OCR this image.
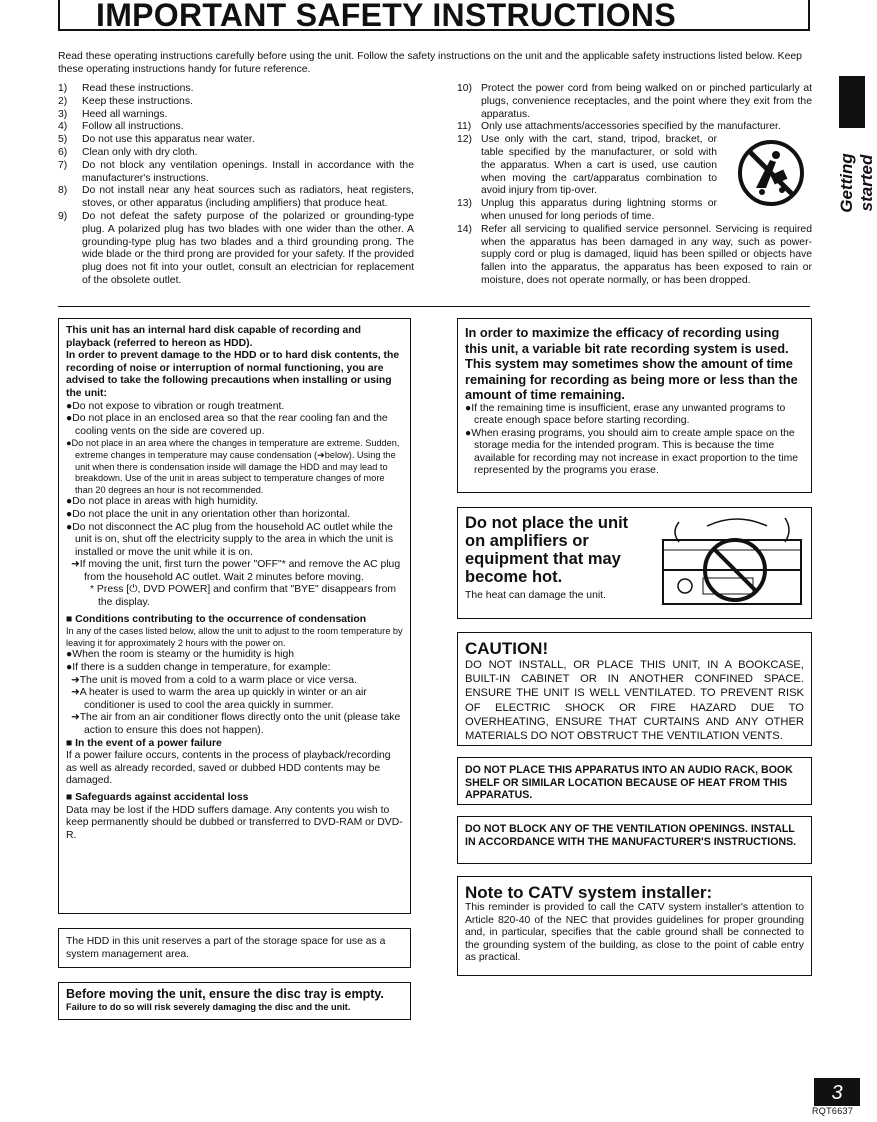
IMPORTANT SAFETY INSTRUCTIONS
Read these operating instructions carefully before using the unit. Follow the safety instructions on the unit and the applicable safety instructions listed below. Keep these operating instructions handy for future reference.
1)	Read these instructions.
2)	Keep these instructions.
3)	Heed all warnings.
4)	Follow all instructions.
5)	Do not use this apparatus near water.
6)	Clean only with dry cloth.
7)	Do not block any ventilation openings. Install in accordance with the manufacturer's instructions.
8)	Do not install near any heat sources such as radiators, heat registers, stoves, or other apparatus (including amplifiers) that produce heat.
9)	Do not defeat the safety purpose of the polarized or grounding-type plug. A polarized plug has two blades with one wider than the other. A grounding-type plug has two blades and a third grounding prong. The wide blade or the third prong are provided for your safety. If the provided plug does not fit into your outlet, consult an electrician for replacement of the obsolete outlet.
10) Protect the power cord from being walked on or pinched particularly at plugs, convenience receptacles, and the point where they exit from the apparatus.
11) Only use attachments/accessories specified by the manufacturer.
12) Use only with the cart, stand, tripod, bracket, or table specified by the manufacturer, or sold with the apparatus. When a cart is used, use caution when moving the cart/apparatus combination to avoid injury from tip-over.
13) Unplug this apparatus during lightning storms or when unused for long periods of time.
14) Refer all servicing to qualified service personnel. Servicing is required when the apparatus has been damaged in any way, such as power-supply cord or plug is damaged, liquid has been spilled or objects have fallen into the apparatus, the apparatus has been exposed to rain or moisture, does not operate normally, or has been dropped.
Getting started
This unit has an internal hard disk capable of recording and playback (referred to hereon as HDD).
In order to prevent damage to the HDD or to hard disk contents, the recording of noise or interruption of normal functioning, you are advised to take the following precautions when installing or using the unit:
●Do not expose to vibration or rough treatment.
●Do not place in an enclosed area so that the rear cooling fan and the cooling vents on the side are covered up.
●Do not place in an area where the changes in temperature are extreme. Sudden, extreme changes in temperature may cause condensation (➜below). Using the unit when there is condensation inside will damage the HDD and may lead to breakdown. Use of the unit in areas subject to temperature changes of more than 20 degrees an hour is not recommended.
●Do not place in areas with high humidity.
●Do not place the unit in any orientation other than horizontal.
●Do not disconnect the AC plug from the household AC outlet while the unit is on, shut off the electricity supply to the area in which the unit is installed or move the unit while it is on.
➜If moving the unit, first turn the power "OFF"* and remove the AC plug from the household AC outlet. Wait 2 minutes before moving.
* Press [⏻, DVD POWER] and confirm that "BYE" disappears from the display.
■ Conditions contributing to the occurrence of condensation
In any of the cases listed below, allow the unit to adjust to the room temperature by leaving it for approximately 2 hours with the power on.
●When the room is steamy or the humidity is high
●If there is a sudden change in temperature, for example:
➜The unit is moved from a cold to a warm place or vice versa.
➜A heater is used to warm the area up quickly in winter or an air conditioner is used to cool the area quickly in summer.
➜The air from an air conditioner flows directly onto the unit (please take action to ensure this does not happen).
■ In the event of a power failure
If a power failure occurs, contents in the process of playback/recording as well as already recorded, saved or dubbed HDD contents may be damaged.
■ Safeguards against accidental loss
Data may be lost if the HDD suffers damage. Any contents you wish to keep permanently should be dubbed or transferred to DVD-RAM or DVD-R.
The HDD in this unit reserves a part of the storage space for use as a system management area.
Before moving the unit, ensure the disc tray is empty.
Failure to do so will risk severely damaging the disc and the unit.
In order to maximize the efficacy of recording using this unit, a variable bit rate recording system is used. This system may sometimes show the amount of time remaining for recording as being more or less than the amount of time remaining.
●If the remaining time is insufficient, erase any unwanted programs to create enough space before starting recording.
●When erasing programs, you should aim to create ample space on the storage media for the intended program. This is because the time available for recording may not increase in exact proportion to the time represented by the programs you erase.
Do not place the unit on amplifiers or equipment that may become hot.
The heat can damage the unit.
CAUTION!
DO NOT INSTALL, OR PLACE THIS UNIT, IN A BOOKCASE, BUILT-IN CABINET OR IN ANOTHER CONFINED SPACE. ENSURE THE UNIT IS WELL VENTILATED. TO PREVENT RISK OF ELECTRIC SHOCK OR FIRE HAZARD DUE TO OVERHEATING, ENSURE THAT CURTAINS AND ANY OTHER MATERIALS DO NOT OBSTRUCT THE VENTILATION VENTS.
DO NOT PLACE THIS APPARATUS INTO AN AUDIO RACK, BOOK SHELF OR SIMILAR LOCATION BECAUSE OF HEAT FROM THIS APPARATUS.
DO NOT BLOCK ANY OF THE VENTILATION OPENINGS. INSTALL IN ACCORDANCE WITH THE MANUFACTURER'S INSTRUCTIONS.
Note to CATV system installer:
This reminder is provided to call the CATV system installer's attention to Article 820-40 of the NEC that provides guidelines for proper grounding and, in particular, specifies that the cable ground shall be connected to the grounding system of the building, as close to the point of cable entry as practical.
3
RQT6637
